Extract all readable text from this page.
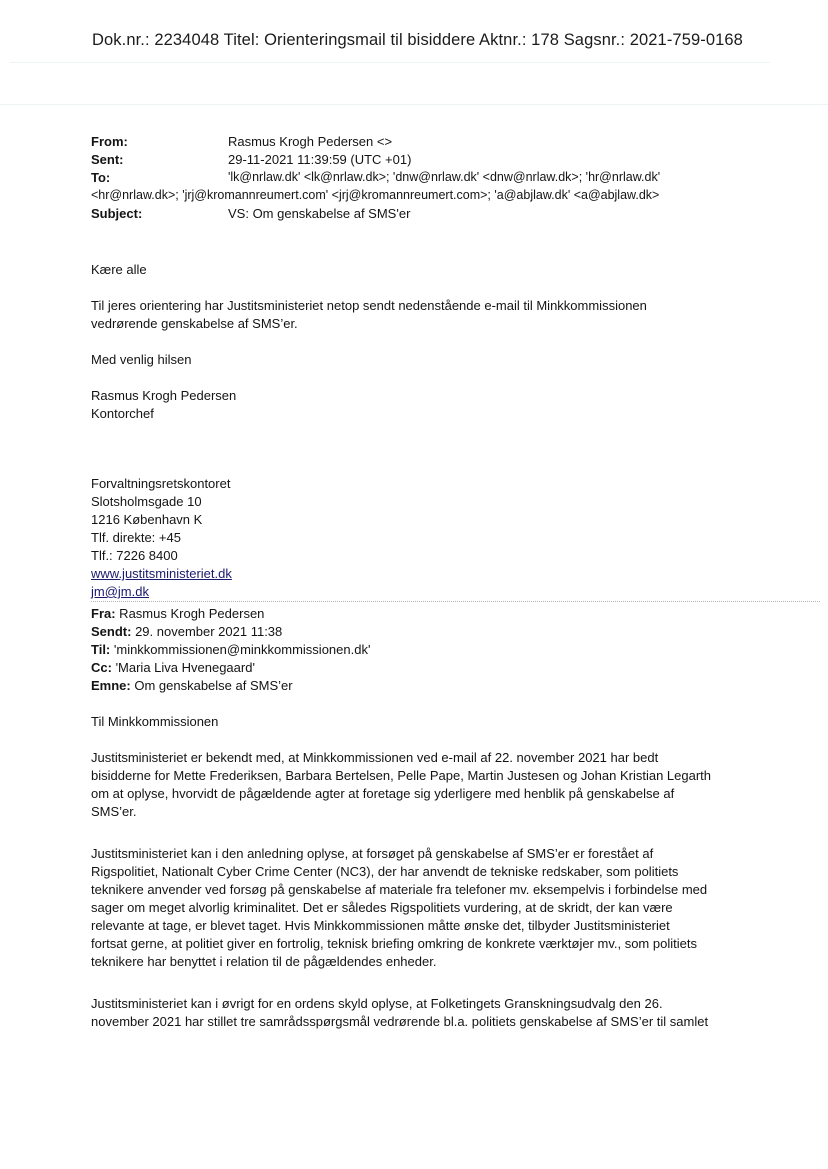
Dok.nr.: 2234048 Titel: Orienteringsmail til bisiddere Aktnr.: 178 Sagsnr.: 2021-759-0168
From:	Rasmus Krogh Pedersen <>
Sent:	29-11-2021 11:39:59 (UTC +01)
To:	'lk@nrlaw.dk' <lk@nrlaw.dk>; 'dnw@nrlaw.dk' <dnw@nrlaw.dk>; 'hr@nrlaw.dk'
<hr@nrlaw.dk>; 'jrj@kromannreumert.com' <jrj@kromannreumert.com>; 'a@abjlaw.dk' <a@abjlaw.dk>
Subject:	VS: Om genskabelse af SMS'er
Kære alle
Til jeres orientering har Justitsministeriet netop sendt nedenstående e-mail til Minkkommissionen
vedrørende genskabelse af SMS’er.
Med venlig hilsen
Rasmus Krogh Pedersen
Kontorchef
Forvaltningsretskontoret
Slotsholmsgade 10
1216 København K
Tlf. direkte: +45
Tlf.: 7226 8400
www.justitsministeriet.dk
jm@jm.dk
Fra: Rasmus Krogh Pedersen
Sendt: 29. november 2021 11:38
Til: 'minkkommissionen@minkkommissionen.dk'
Cc: 'Maria Liva Hvenegaard'
Emne: Om genskabelse af SMS’er
Til Minkkommissionen
Justitsministeriet er bekendt med, at Minkkommissionen ved e-mail af 22. november 2021 har bedt
bisidderne for Mette Frederiksen, Barbara Bertelsen, Pelle Pape, Martin Justesen og Johan Kristian Legarth
om at oplyse, hvorvidt de pågældende agter at foretage sig yderligere med henblik på genskabelse af
SMS’er.
Justitsministeriet kan i den anledning oplyse, at forsøget på genskabelse af SMS’er er forestået af
Rigspolitiet, Nationalt Cyber Crime Center (NC3), der har anvendt de tekniske redskaber, som politiets
teknikere anvender ved forsøg på genskabelse af materiale fra telefoner mv. eksempelvis i forbindelse med
sager om meget alvorlig kriminalitet. Det er således Rigspolitiets vurdering, at de skridt, der kan være
relevante at tage, er blevet taget. Hvis Minkkommissionen måtte ønske det, tilbyder Justitsministeriet
fortsat gerne, at politiet giver en fortrolig, teknisk briefing omkring de konkrete værktøjer mv., som politiets
teknikere har benyttet i relation til de pågældendes enheder.
Justitsministeriet kan i øvrigt for en ordens skyld oplyse, at Folketingets Granskningsudvalg den 26.
november 2021 har stillet tre samrådsspørgsmål vedrørende bl.a. politiets genskabelse af SMS’er til samlet
